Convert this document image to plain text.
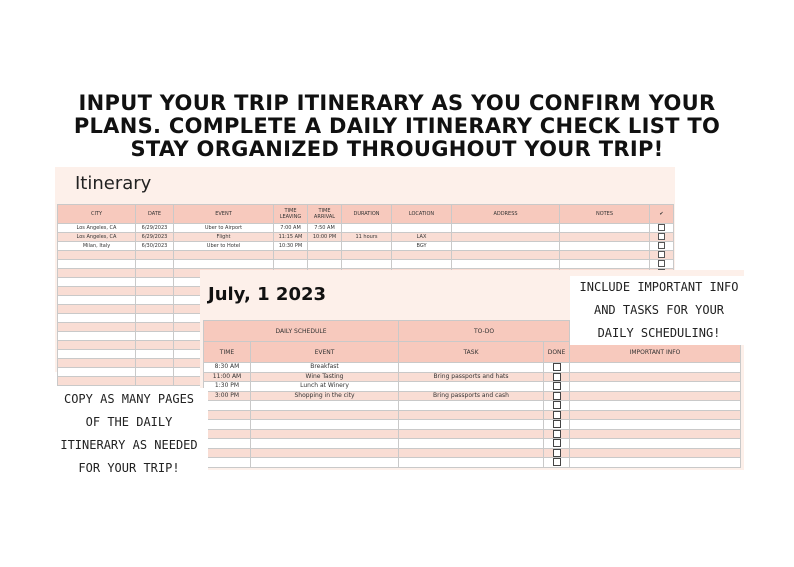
INPUT YOUR TRIP ITINERARY AS YOU CONFIRM YOUR
PLANS. COMPLETE A DAILY ITINERARY CHECK LIST TO
STAY ORGANIZED THROUGHOUT YOUR TRIP!
Itinerary
CITY	DATE	EVENT	TIME LEAVING	TIME ARRIVAL	DURATION	LOCATION	ADDRESS	NOTES	✔
Los Angeles, CA	6/29/2023	Uber to Airport	7:00 AM	7:50 AM					
Los Angeles, CA	6/29/2023	Flight	11:15 AM	10:00 PM	11 hours	LAX			
Milan, Italy	6/30/2023	Uber to Hotel	10:30 PM			BGY			

July, 1 2023
DAILY SCHEDULE		TO-DO		
TIME	EVENT	TASK	DONE	IMPORTANT INFO
8:30 AM	Breakfast			
11:00 AM	Wine Tasting	Bring passports and hats		
1:30 PM	Lunch at Winery			
3:00 PM	Shopping in the city	Bring passports and cash		

INCLUDE IMPORTANT INFO
AND TASKS FOR YOUR
DAILY SCHEDULING!
COPY AS MANY PAGES
OF THE DAILY
ITINERARY AS NEEDED
FOR YOUR TRIP!
